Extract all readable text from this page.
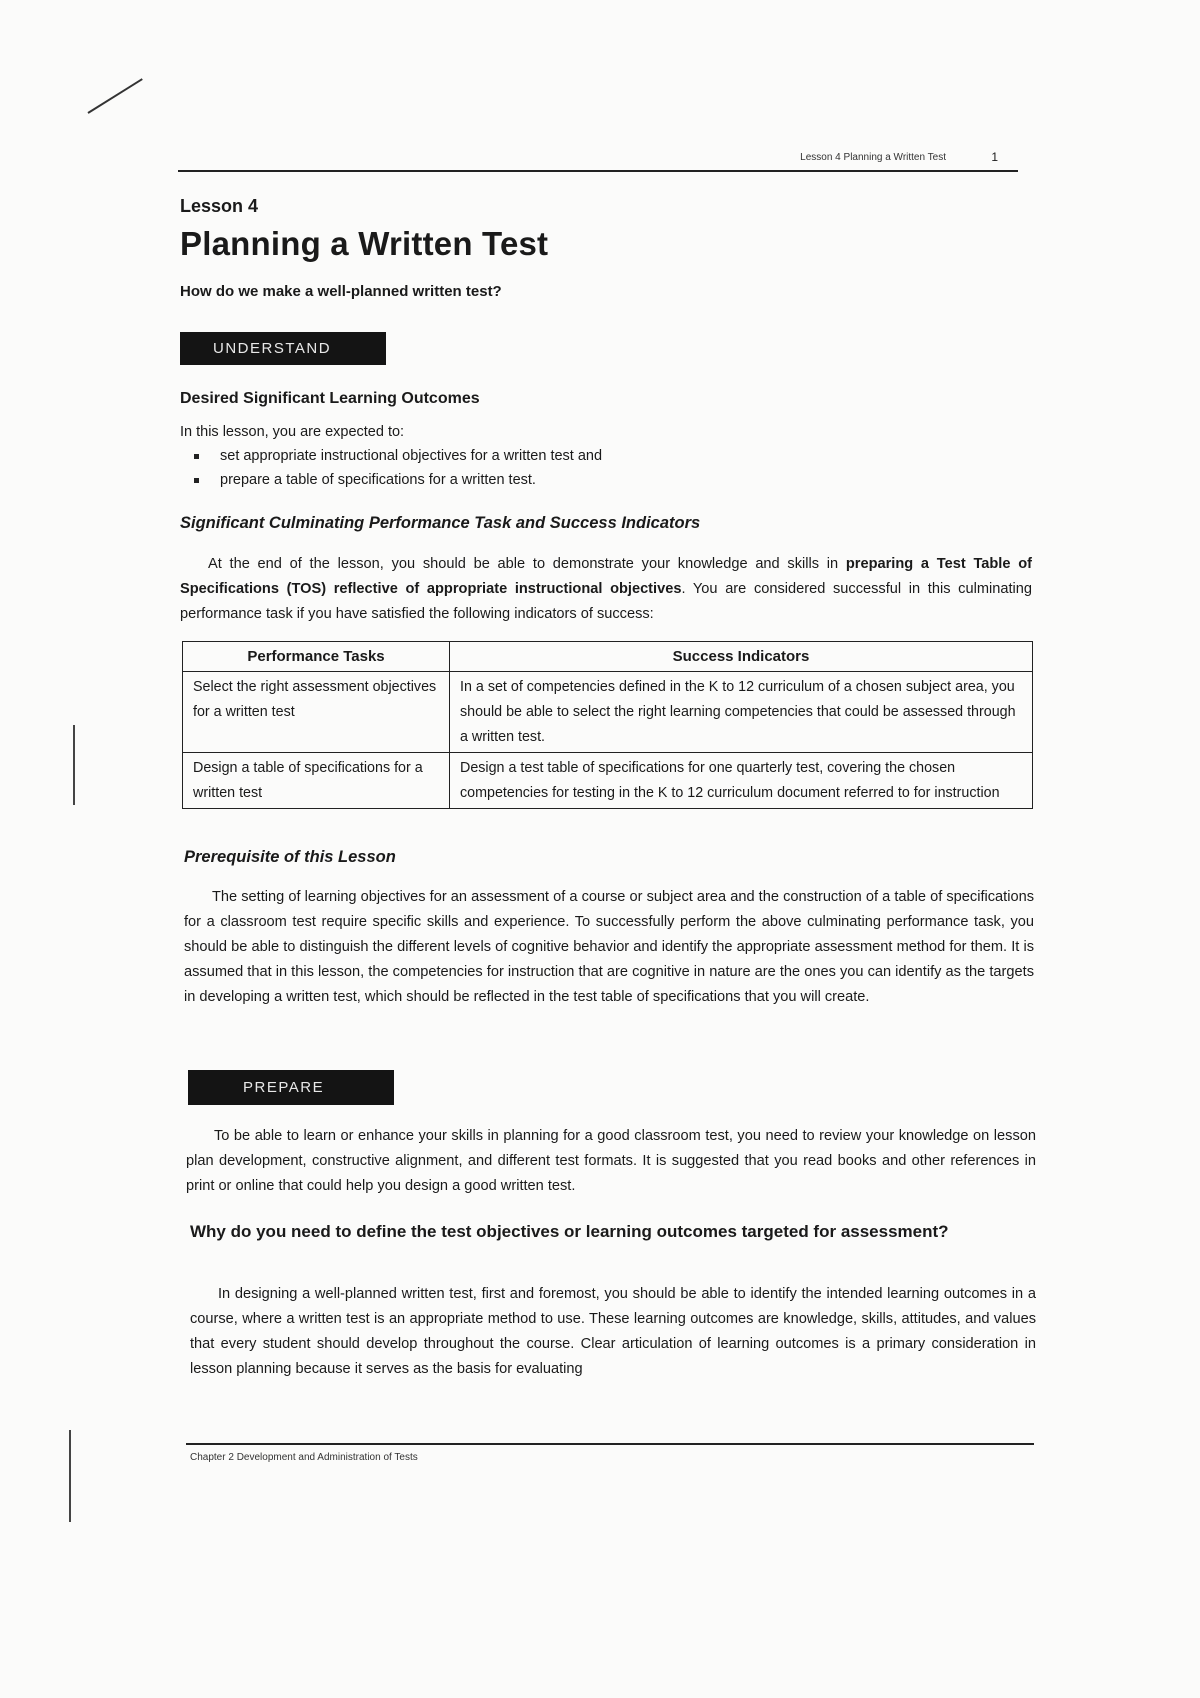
Lesson 4 Planning a Written Test	1
Lesson 4
Planning a Written Test
How do we make a well-planned written test?
UNDERSTAND
Desired Significant Learning Outcomes
In this lesson, you are expected to:
set appropriate instructional objectives for a written test and
prepare a table of specifications for a written test.
Significant Culminating Performance Task and Success Indicators

At the end of the lesson, you should be able to demonstrate your knowledge and skills in preparing a Test Table of Specifications (TOS) reflective of appropriate instructional objectives. You are considered successful in this culminating performance task if you have satisfied the following indicators of success:

Performance Tasks	Success Indicators
Select the right assessment objectives for a written test	In a set of competencies defined in the K to 12 curriculum of a chosen subject area, you should be able to select the right learning competencies that could be assessed through a written test.
Design a table of specifications for a written test	Design a test table of specifications for one quarterly test, covering the chosen competencies for testing in the K to 12 curriculum document referred to for instruction
Prerequisite of this Lesson

The setting of learning objectives for an assessment of a course or subject area and the construction of a table of specifications for a classroom test require specific skills and experience. To successfully perform the above culminating performance task, you should be able to distinguish the different levels of cognitive behavior and identify the appropriate assessment method for them. It is assumed that in this lesson, the competencies for instruction that are cognitive in nature are the ones you can identify as the targets in developing a written test, which should be reflected in the test table of specifications that you will create.

PREPARE

To be able to learn or enhance your skills in planning for a good classroom test, you need to review your knowledge on lesson plan development, constructive alignment, and different test formats. It is suggested that you read books and other references in print or online that could help you design a good written test.

Why do you need to define the test objectives or learning outcomes targeted for assessment?

In designing a well-planned written test, first and foremost, you should be able to identify the intended learning outcomes in a course, where a written test is an appropriate method to use. These learning outcomes are knowledge, skills, attitudes, and values that every student should develop throughout the course. Clear articulation of learning outcomes is a primary consideration in lesson planning because it serves as the basis for evaluating

Chapter 2 Development and Administration of Tests
